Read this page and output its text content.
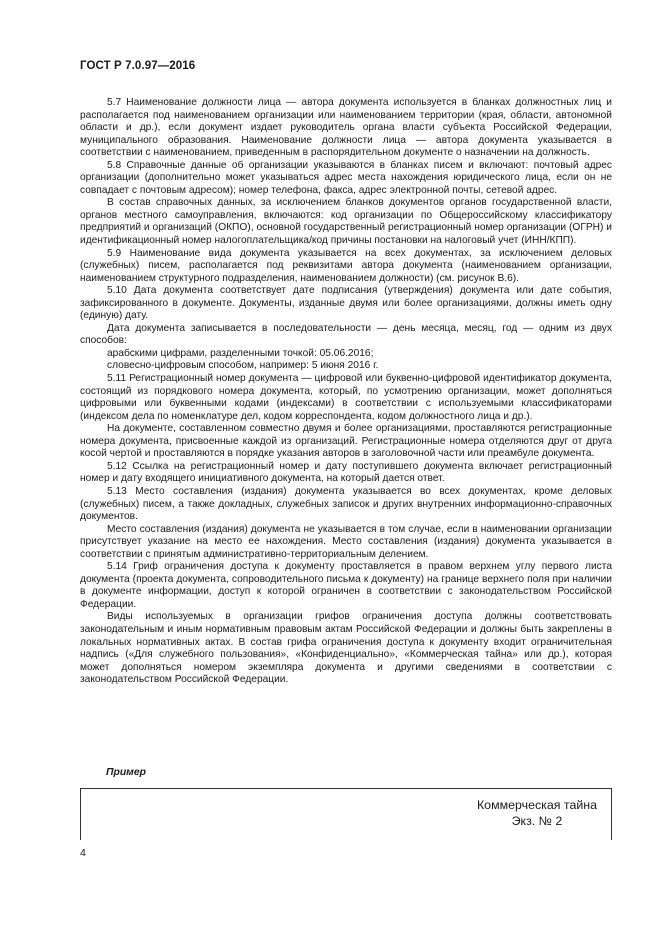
ГОСТ Р 7.0.97—2016

5.7 Наименование должности лица — автора документа используется в бланках должностных лиц и располагается под наименованием организации или наименованием территории (края, области, автономной области и др.), если документ издает руководитель органа власти субъекта Российской Федерации, муниципального образования. Наименование должности лица — автора документа указывается в соответствии с наименованием, приведенным в распорядительном документе о назначении на должность.

5.8 Справочные данные об организации указываются в бланках писем и включают: почтовый адрес организации (дополнительно может указываться адрес места нахождения юридического лица, если он не совпадает с почтовым адресом); номер телефона, факса, адрес электронной почты, сетевой адрес.

В состав справочных данных, за исключением бланков документов органов государственной власти, органов местного самоуправления, включаются: код организации по Общероссийскому классификатору предприятий и организаций (ОКПО), основной государственный регистрационный номер организации (ОГРН) и идентификационный номер налогоплательщика/код причины постановки на налоговый учет (ИНН/КПП).

5.9 Наименование вида документа указывается на всех документах, за исключением деловых (служебных) писем, располагается под реквизитами автора документа (наименованием организации, наименованием структурного подразделения, наименованием должности) (см. рисунок В.6).

5.10 Дата документа соответствует дате подписания (утверждения) документа или дате события, зафиксированного в документе. Документы, изданные двумя или более организациями, должны иметь одну (единую) дату.

Дата документа записывается в последовательности — день месяца, месяц, год — одним из двух способов:

арабскими цифрами, разделенными точкой: 05.06.2016;

словесно-цифровым способом, например: 5 июня 2016 г.

5.11 Регистрационный номер документа — цифровой или буквенно-цифровой идентификатор документа, состоящий из порядкового номера документа, который, по усмотрению организации, может дополняться цифровыми или буквенными кодами (индексами) в соответствии с используемыми классификаторами (индексом дела по номенклатуре дел, кодом корреспондента, кодом должностного лица и др.).

На документе, составленном совместно двумя и более организациями, проставляются регистрационные номера документа, присвоенные каждой из организаций. Регистрационные номера отделяются друг от друга косой чертой и проставляются в порядке указания авторов в заголовочной части или преамбуле документа.

5.12 Ссылка на регистрационный номер и дату поступившего документа включает регистрационный номер и дату входящего инициативного документа, на который дается ответ.

5.13 Место составления (издания) документа указывается во всех документах, кроме деловых (служебных) писем, а также докладных, служебных записок и других внутренних информационно-справочных документов.

Место составления (издания) документа не указывается в том случае, если в наименовании организации присутствует указание на место ее нахождения. Место составления (издания) документа указывается в соответствии с принятым административно-территориальным делением.

5.14 Гриф ограничения доступа к документу проставляется в правом верхнем углу первого листа документа (проекта документа, сопроводительного письма к документу) на границе верхнего поля при наличии в документе информации, доступ к которой ограничен в соответствии с законодательством Российской Федерации.

Виды используемых в организации грифов ограничения доступа должны соответствовать законодательным и иным нормативным правовым актам Российской Федерации и должны быть закреплены в локальных нормативных актах. В состав грифа ограничения доступа к документу входит ограничительная надпись («Для служебного пользования», «Конфиденциально», «Коммерческая тайна» или др.), которая может дополняться номером экземпляра документа и другими сведениями в соответствии с законодательством Российской Федерации.

Пример
Коммерческая тайна
Экз. № 2
4
